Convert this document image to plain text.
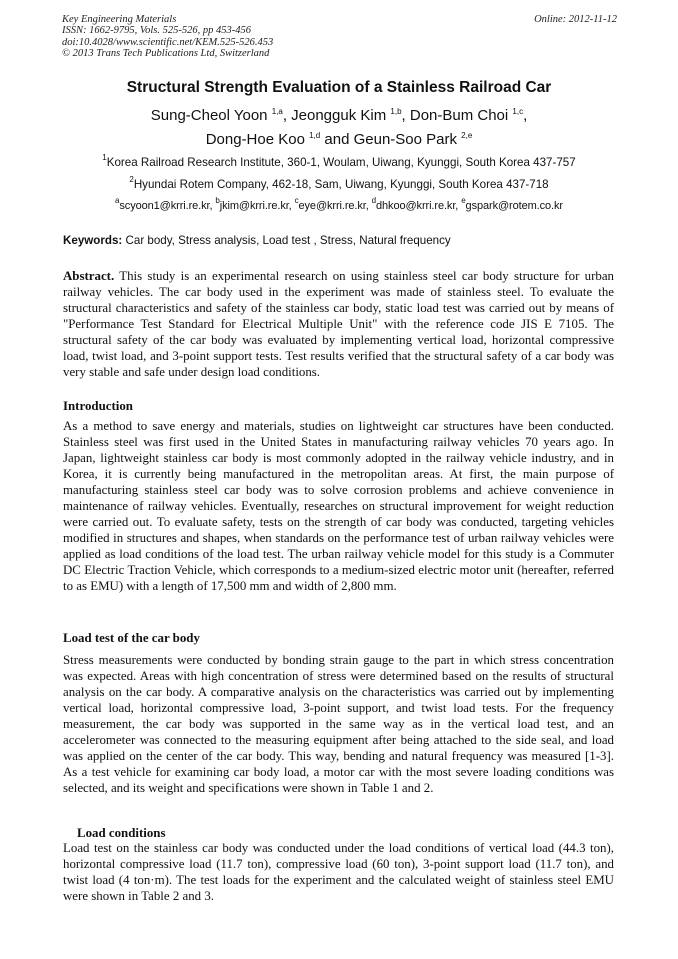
Key Engineering Materials
ISSN: 1662-9795, Vols. 525-526, pp 453-456
doi:10.4028/www.scientific.net/KEM.525-526.453
© 2013 Trans Tech Publications Ltd, Switzerland
Online: 2012-11-12
Structural Strength Evaluation of a Stainless Railroad Car
Sung-Cheol Yoon $^{1,a}$, Jeongguk Kim $^{1,b}$, Don-Bum Choi $^{1,c}$,
Dong-Hoe Koo $^{1,d}$ and Geun-Soo Park $^{2,e}$
$^1$Korea Railroad Research Institute, 360-1, Woulam, Uiwang, Kyunggi, South Korea 437-757
$^2$Hyundai Rotem Company, 462-18, Sam, Uiwang, Kyunggi, South Korea 437-718
$^a$scyoon1@krri.re.kr, $^b$jkim@krri.re.kr, $^c$eye@krri.re.kr, $^d$dhkoo@krri.re.kr, $^e$gspark@rotem.co.kr
Keywords: Car body, Stress analysis, Load test , Stress, Natural frequency
Abstract. This study is an experimental research on using stainless steel car body structure for urban railway vehicles. The car body used in the experiment was made of stainless steel. To evaluate the structural characteristics and safety of the stainless car body, static load test was carried out by means of "Performance Test Standard for Electrical Multiple Unit" with the reference code JIS E 7105. The structural safety of the car body was evaluated by implementing vertical load, horizontal compressive load, twist load, and 3-point support tests. Test results verified that the structural safety of a car body was very stable and safe under design load conditions.
Introduction
As a method to save energy and materials, studies on lightweight car structures have been conducted. Stainless steel was first used in the United States in manufacturing railway vehicles 70 years ago. In Japan, lightweight stainless car body is most commonly adopted in the railway vehicle industry, and in Korea, it is currently being manufactured in the metropolitan areas. At first, the main purpose of manufacturing stainless steel car body was to solve corrosion problems and achieve convenience in maintenance of railway vehicles. Eventually, researches on structural improvement for weight reduction were carried out. To evaluate safety, tests on the strength of car body was conducted, targeting vehicles modified in structures and shapes, when standards on the performance test of urban railway vehicles were applied as load conditions of the load test. The urban railway vehicle model for this study is a Commuter DC Electric Traction Vehicle, which corresponds to a medium-sized electric motor unit (hereafter, referred to as EMU) with a length of 17,500 mm and width of 2,800 mm.
Load test of the car body
Stress measurements were conducted by bonding strain gauge to the part in which stress concentration was expected. Areas with high concentration of stress were determined based on the results of structural analysis on the car body. A comparative analysis on the characteristics was carried out by implementing vertical load, horizontal compressive load, 3-point support, and twist load tests. For the frequency measurement, the car body was supported in the same way as in the vertical load test, and an accelerometer was connected to the measuring equipment after being attached to the side seal, and load was applied on the center of the car body. This way, bending and natural frequency was measured [1-3]. As a test vehicle for examining car body load, a motor car with the most severe loading conditions was selected, and its weight and specifications were shown in Table 1 and 2.
Load conditions
Load test on the stainless car body was conducted under the load conditions of vertical load (44.3 ton), horizontal compressive load (11.7 ton), compressive load (60 ton), 3-point support load (11.7 ton), and twist load (4 ton·m). The test loads for the experiment and the calculated weight of stainless steel EMU were shown in Table 2 and 3.
